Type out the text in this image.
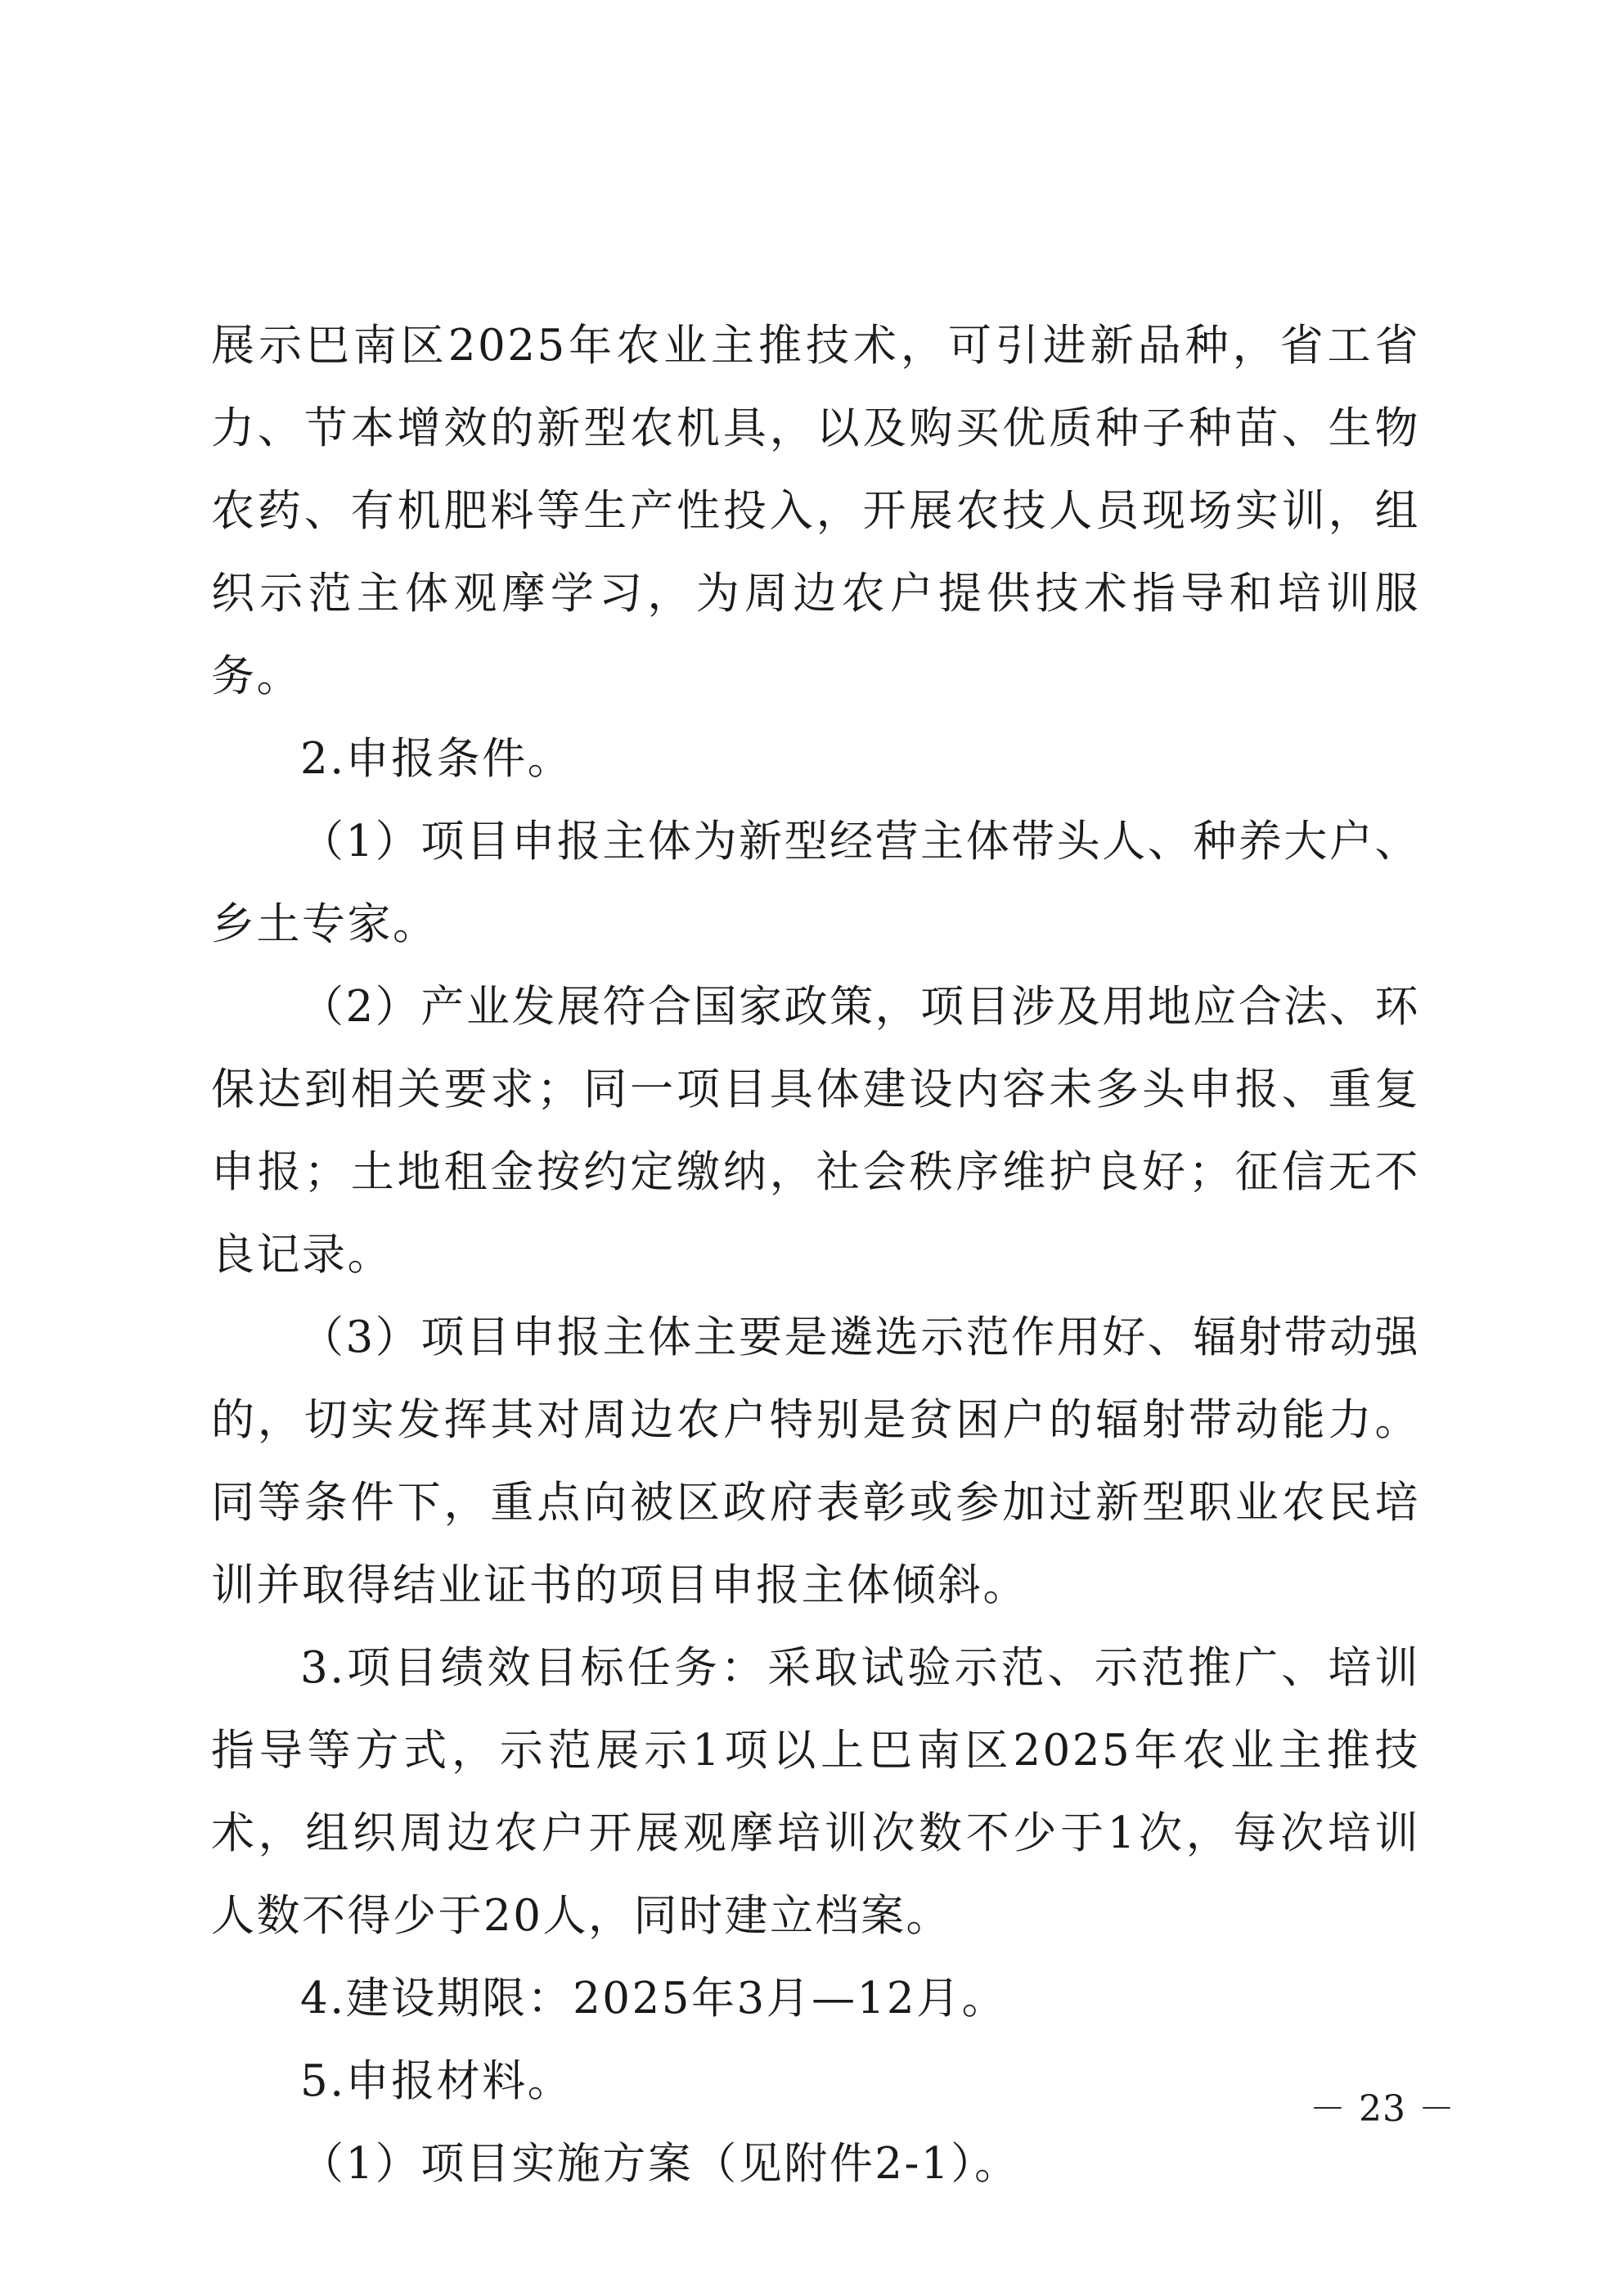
展示巴南区2025年农业主推技术，可引进新品种，省工省力、节本增效的新型农机具，以及购买优质种子种苗、生物农药、有机肥料等生产性投入，开展农技人员现场实训，组织示范主体观摩学习，为周边农户提供技术指导和培训服务。

2.申报条件。

（1）项目申报主体为新型经营主体带头人、种养大户、乡土专家。

（2）产业发展符合国家政策，项目涉及用地应合法、环保达到相关要求；同一项目具体建设内容未多头申报、重复申报；土地租金按约定缴纳，社会秩序维护良好；征信无不良记录。

（3）项目申报主体主要是遴选示范作用好、辐射带动强的，切实发挥其对周边农户特别是贫困户的辐射带动能力。同等条件下，重点向被区政府表彰或参加过新型职业农民培训并取得结业证书的项目申报主体倾斜。

3.项目绩效目标任务：采取试验示范、示范推广、培训指导等方式，示范展示1项以上巴南区2025年农业主推技术，组织周边农户开展观摩培训次数不少于1次，每次培训人数不得少于20人，同时建立档案。

4.建设期限：2025年3月—12月。

5.申报材料。

（1）项目实施方案（见附件2-1）。

－ 23 －
